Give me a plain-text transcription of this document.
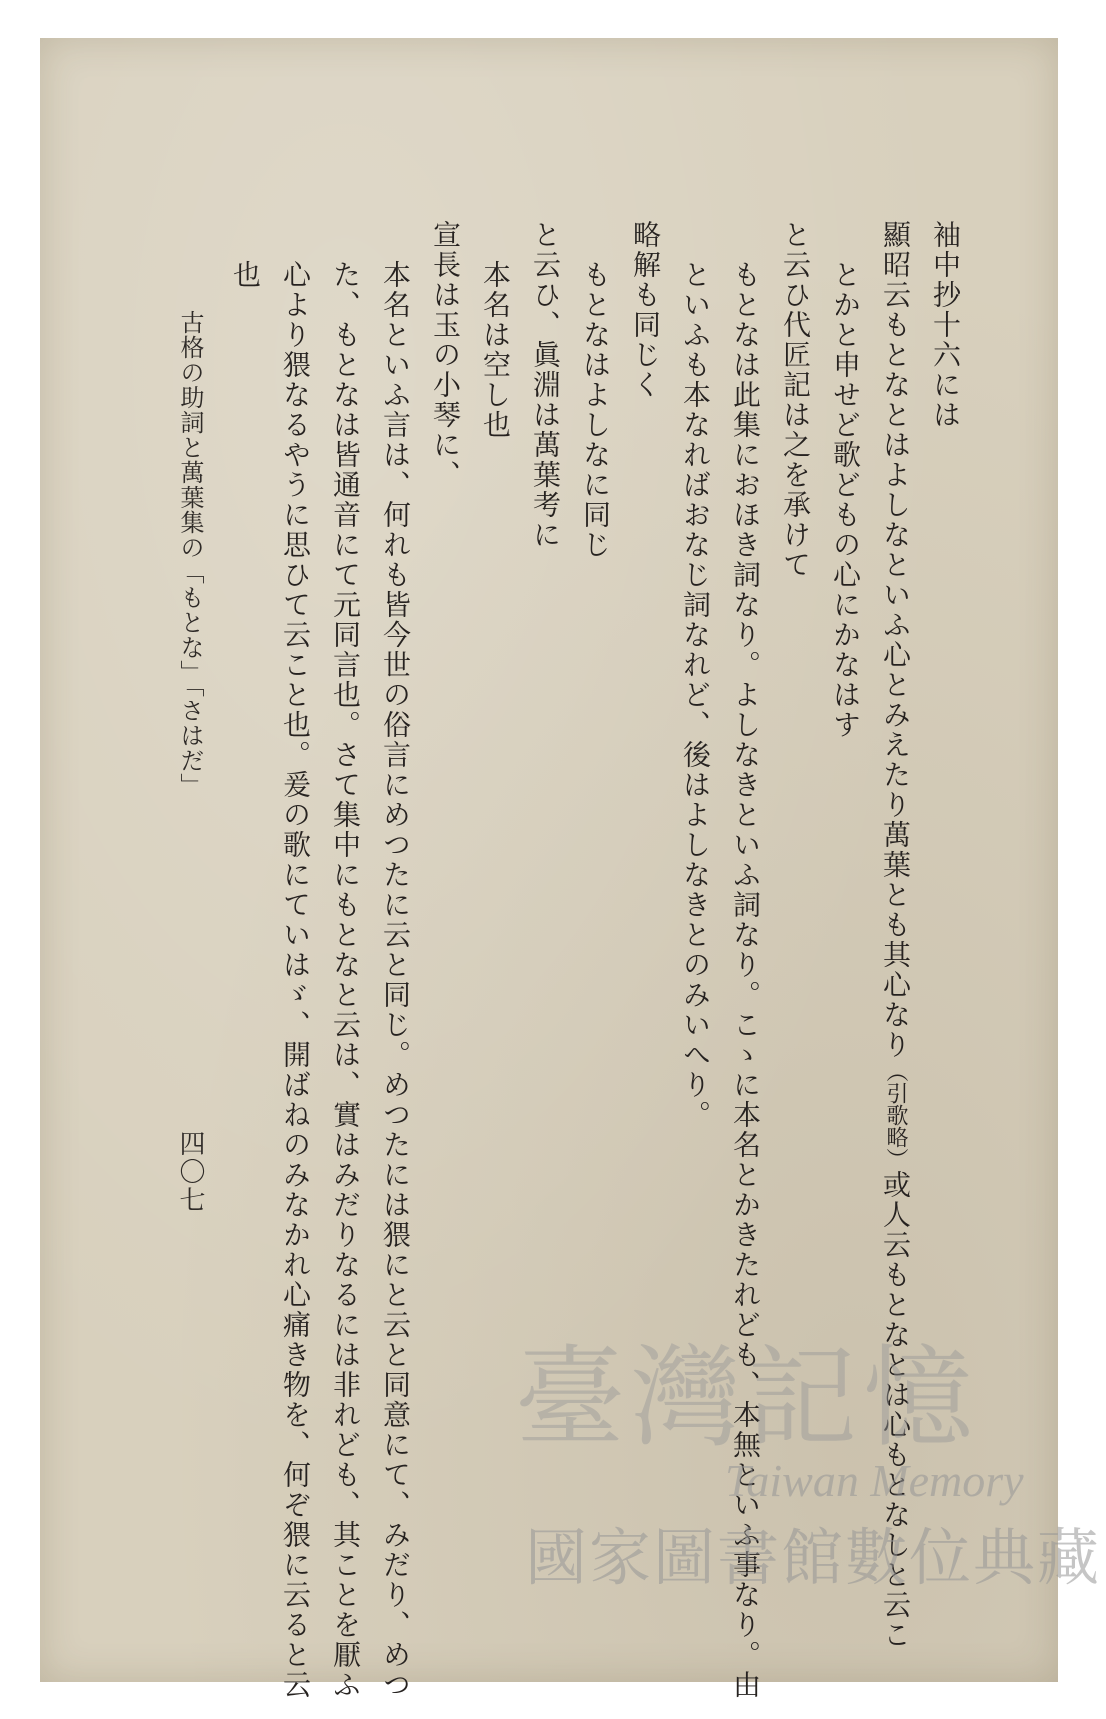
袖中抄十六には
顯昭云もとなとはよしなといふ心とみえたり萬葉とも其心なり（引歌略）或人云もとなとは心もとなしと云こ
とかと申せど歌どもの心にかなはす
と云ひ代匠記は之を承けて
もとなは此集におほき詞なり。よしなきといふ詞なり。こゝに本名とかきたれども、本無といふ事なり。由
といふも本なればおなじ詞なれど、後はよしなきとのみいへり。
略解も同じく
もとなはよしなに同じ
と云ひ、眞淵は萬葉考に
本名は空し也
宣長は玉の小琴に、
本名といふ言は、何れも皆今世の俗言にめつたに云と同じ。めつたには猥にと云と同意にて、みだり、めつ
た、もとなは皆通音にて元同言也。さて集中にもとなと云は、實はみだりなるには非れども、其ことを厭ふ
心より猥なるやうに思ひて云こと也。爰の歌にていはゞ、開ばねのみなかれ心痛き物を、何ぞ猥に云ると云
也
古格の助詞と萬葉集の「もとな」「さはだ」
四〇七
臺灣記憶
Taiwan Memory
國家圖書館數位典藏
